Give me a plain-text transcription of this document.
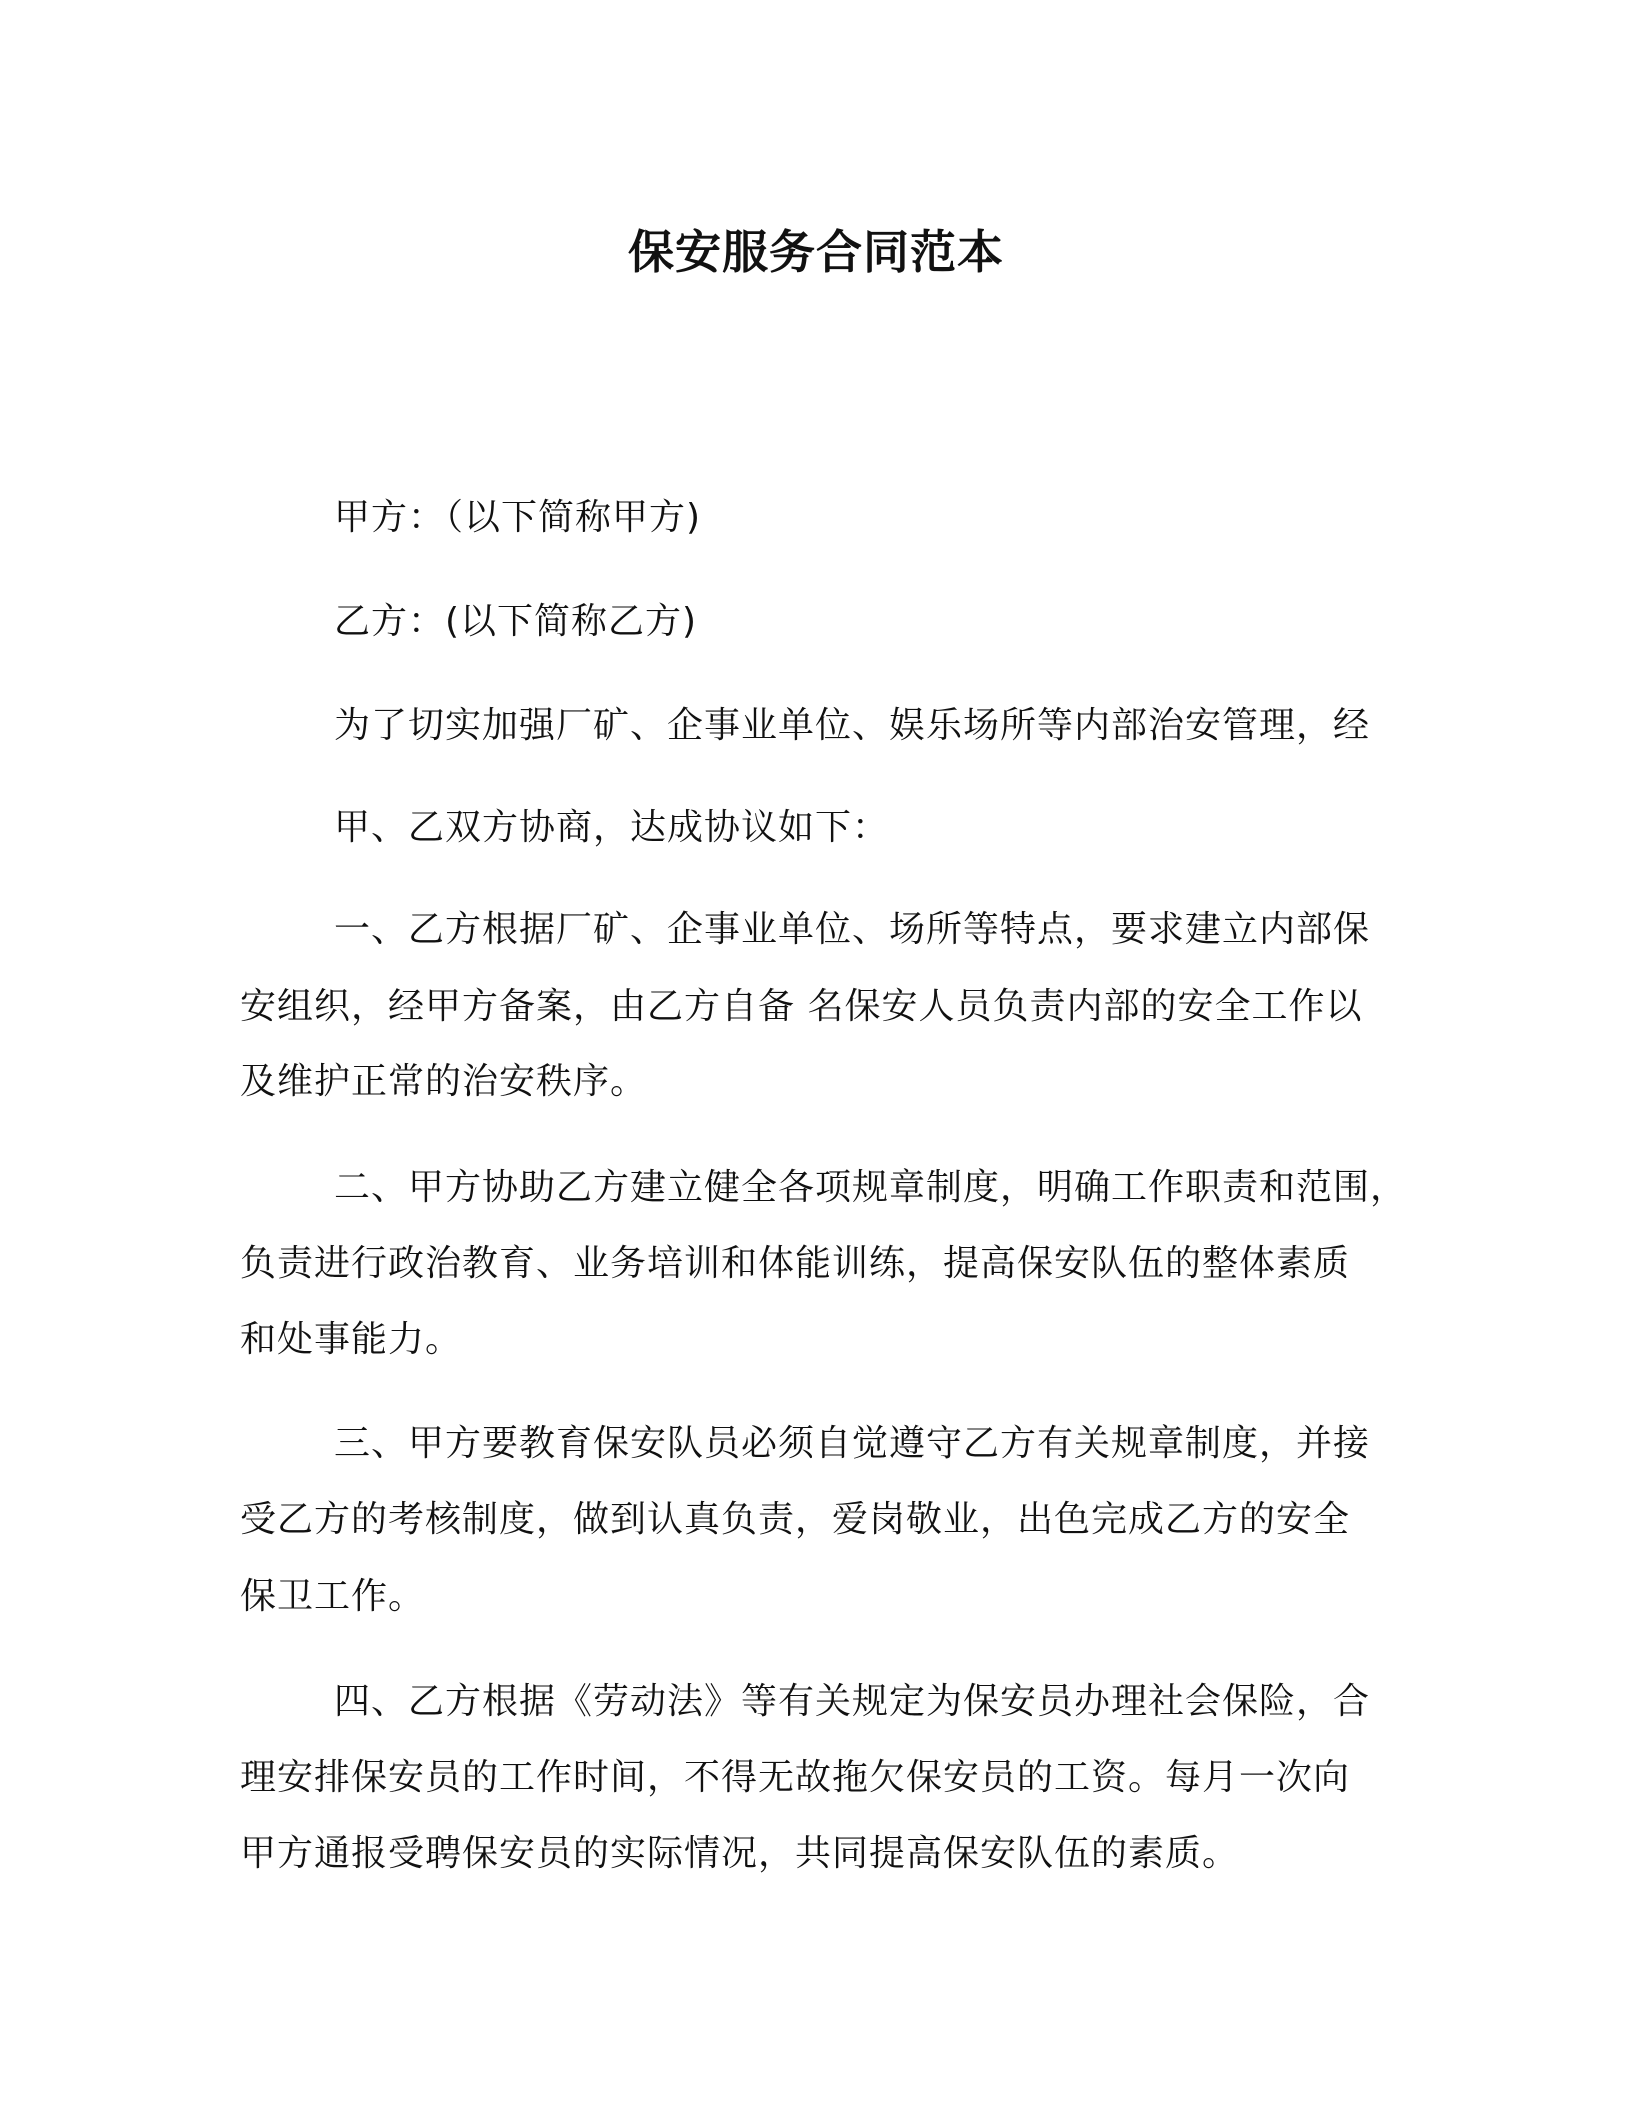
保安服务合同范本
甲方：（以下简称甲方)
乙方：(以下简称乙方)
为了切实加强厂矿、企事业单位、娱乐场所等内部治安管理，经
甲、乙双方协商，达成协议如下：
一、乙方根据厂矿、企事业单位、场所等特点，要求建立内部保
安组织，经甲方备案，由乙方自备 名保安人员负责内部的安全工作以
及维护正常的治安秩序。
二、甲方协助乙方建立健全各项规章制度，明确工作职责和范围，
负责进行政治教育、业务培训和体能训练，提高保安队伍的整体素质
和处事能力。
三、甲方要教育保安队员必须自觉遵守乙方有关规章制度，并接
受乙方的考核制度，做到认真负责，爱岗敬业，出色完成乙方的安全
保卫工作。
四、乙方根据《劳动法》等有关规定为保安员办理社会保险，合
理安排保安员的工作时间，不得无故拖欠保安员的工资。每月一次向
甲方通报受聘保安员的实际情况，共同提高保安队伍的素质。
